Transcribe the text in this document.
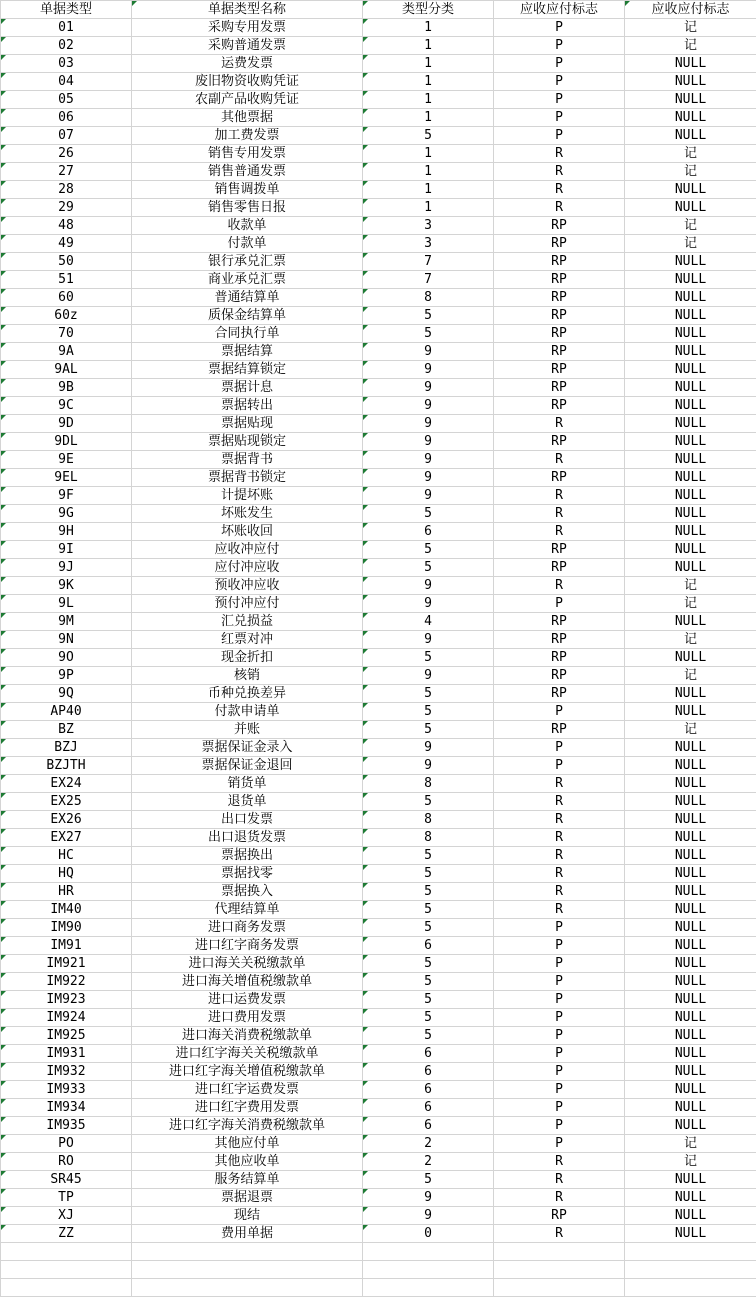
单据类型	单据类型名称	类型分类	应收应付标志	应收应付标志
01	采购专用发票	1	P	记
02	采购普通发票	1	P	记
03	运费发票	1	P	NULL
04	废旧物资收购凭证	1	P	NULL
05	农副产品收购凭证	1	P	NULL
06	其他票据	1	P	NULL
07	加工费发票	5	P	NULL
26	销售专用发票	1	R	记
27	销售普通发票	1	R	记
28	销售调拨单	1	R	NULL
29	销售零售日报	1	R	NULL
48	收款单	3	RP	记
49	付款单	3	RP	记
50	银行承兑汇票	7	RP	NULL
51	商业承兑汇票	7	RP	NULL
60	普通结算单	8	RP	NULL
60z	质保金结算单	5	RP	NULL
70	合同执行单	5	RP	NULL
9A	票据结算	9	RP	NULL
9AL	票据结算锁定	9	RP	NULL
9B	票据计息	9	RP	NULL
9C	票据转出	9	RP	NULL
9D	票据贴现	9	R	NULL
9DL	票据贴现锁定	9	RP	NULL
9E	票据背书	9	R	NULL
9EL	票据背书锁定	9	RP	NULL
9F	计提坏账	9	R	NULL
9G	坏账发生	5	R	NULL
9H	坏账收回	6	R	NULL
9I	应收冲应付	5	RP	NULL
9J	应付冲应收	5	RP	NULL
9K	预收冲应收	9	R	记
9L	预付冲应付	9	P	记
9M	汇兑损益	4	RP	NULL
9N	红票对冲	9	RP	记
9O	现金折扣	5	RP	NULL
9P	核销	9	RP	记
9Q	币种兑换差异	5	RP	NULL
AP40	付款申请单	5	P	NULL
BZ	并账	5	RP	记
BZJ	票据保证金录入	9	P	NULL
BZJTH	票据保证金退回	9	P	NULL
EX24	销货单	8	R	NULL
EX25	退货单	5	R	NULL
EX26	出口发票	8	R	NULL
EX27	出口退货发票	8	R	NULL
HC	票据换出	5	R	NULL
HQ	票据找零	5	R	NULL
HR	票据换入	5	R	NULL
IM40	代理结算单	5	R	NULL
IM90	进口商务发票	5	P	NULL
IM91	进口红字商务发票	6	P	NULL
IM921	进口海关关税缴款单	5	P	NULL
IM922	进口海关增值税缴款单	5	P	NULL
IM923	进口运费发票	5	P	NULL
IM924	进口费用发票	5	P	NULL
IM925	进口海关消费税缴款单	5	P	NULL
IM931	进口红字海关关税缴款单	6	P	NULL
IM932	进口红字海关增值税缴款单	6	P	NULL
IM933	进口红字运费发票	6	P	NULL
IM934	进口红字费用发票	6	P	NULL
IM935	进口红字海关消费税缴款单	6	P	NULL
PO	其他应付单	2	P	记
RO	其他应收单	2	R	记
SR45	服务结算单	5	R	NULL
TP	票据退票	9	R	NULL
XJ	现结	9	RP	NULL
ZZ	费用单据	0	R	NULL
